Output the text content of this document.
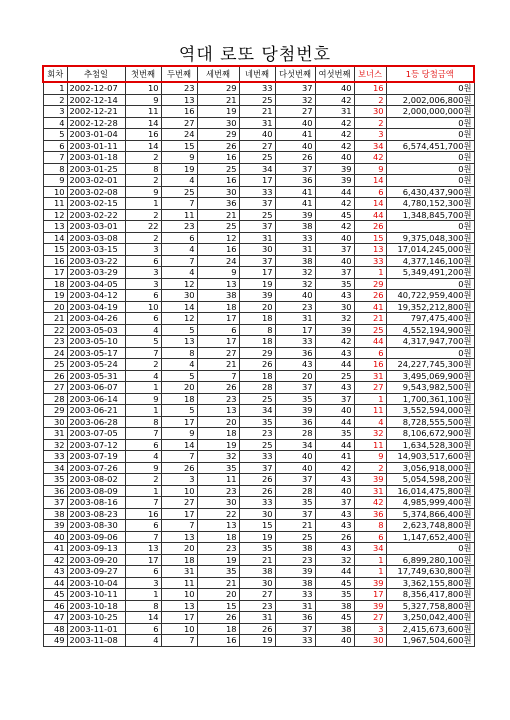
역대 로또 당첨번호
회차	추첨일	첫번째	두번째	세번째	네번째	다섯번째	여섯번째	보너스	1등 당첨금액
1	2002-12-07	10	23	29	33	37	40	16	0원
2	2002-12-14	9	13	21	25	32	42	2	2,002,006,800원
3	2002-12-21	11	16	19	21	27	31	30	2,000,000,000원
4	2002-12-28	14	27	30	31	40	42	2	0원
5	2003-01-04	16	24	29	40	41	42	3	0원
6	2003-01-11	14	15	26	27	40	42	34	6,574,451,700원
7	2003-01-18	2	9	16	25	26	40	42	0원
8	2003-01-25	8	19	25	34	37	39	9	0원
9	2003-02-01	2	4	16	17	36	39	14	0원
10	2003-02-08	9	25	30	33	41	44	6	6,430,437,900원
11	2003-02-15	1	7	36	37	41	42	14	4,780,152,300원
12	2003-02-22	2	11	21	25	39	45	44	1,348,845,700원
13	2003-03-01	22	23	25	37	38	42	26	0원
14	2003-03-08	2	6	12	31	33	40	15	9,375,048,300원
15	2003-03-15	3	4	16	30	31	37	13	17,014,245,000원
16	2003-03-22	6	7	24	37	38	40	33	4,377,146,100원
17	2003-03-29	3	4	9	17	32	37	1	5,349,491,200원
18	2003-04-05	3	12	13	19	32	35	29	0원
19	2003-04-12	6	30	38	39	40	43	26	40,722,959,400원
20	2003-04-19	10	14	18	20	23	30	41	19,352,212,800원
21	2003-04-26	6	12	17	18	31	32	21	797,475,400원
22	2003-05-03	4	5	6	8	17	39	25	4,552,194,900원
23	2003-05-10	5	13	17	18	33	42	44	4,317,947,700원
24	2003-05-17	7	8	27	29	36	43	6	0원
25	2003-05-24	2	4	21	26	43	44	16	24,227,745,300원
26	2003-05-31	4	5	7	18	20	25	31	3,495,069,900원
27	2003-06-07	1	20	26	28	37	43	27	9,543,982,500원
28	2003-06-14	9	18	23	25	35	37	1	1,700,361,100원
29	2003-06-21	1	5	13	34	39	40	11	3,552,594,000원
30	2003-06-28	8	17	20	35	36	44	4	8,728,555,500원
31	2003-07-05	7	9	18	23	28	35	32	8,106,672,900원
32	2003-07-12	6	14	19	25	34	44	11	1,634,528,300원
33	2003-07-19	4	7	32	33	40	41	9	14,903,517,600원
34	2003-07-26	9	26	35	37	40	42	2	3,056,918,000원
35	2003-08-02	2	3	11	26	37	43	39	5,054,598,200원
36	2003-08-09	1	10	23	26	28	40	31	16,014,475,800원
37	2003-08-16	7	27	30	33	35	37	42	4,985,999,400원
38	2003-08-23	16	17	22	30	37	43	36	5,374,866,400원
39	2003-08-30	6	7	13	15	21	43	8	2,623,748,800원
40	2003-09-06	7	13	18	19	25	26	6	1,147,652,400원
41	2003-09-13	13	20	23	35	38	43	34	0원
42	2003-09-20	17	18	19	21	23	32	1	6,899,280,100원
43	2003-09-27	6	31	35	38	39	44	1	17,749,630,800원
44	2003-10-04	3	11	21	30	38	45	39	3,362,155,800원
45	2003-10-11	1	10	20	27	33	35	17	8,356,417,800원
46	2003-10-18	8	13	15	23	31	38	39	5,327,758,800원
47	2003-10-25	14	17	26	31	36	45	27	3,250,042,400원
48	2003-11-01	6	10	18	26	37	38	3	2,415,673,600원
49	2003-11-08	4	7	16	19	33	40	30	1,967,504,600원
